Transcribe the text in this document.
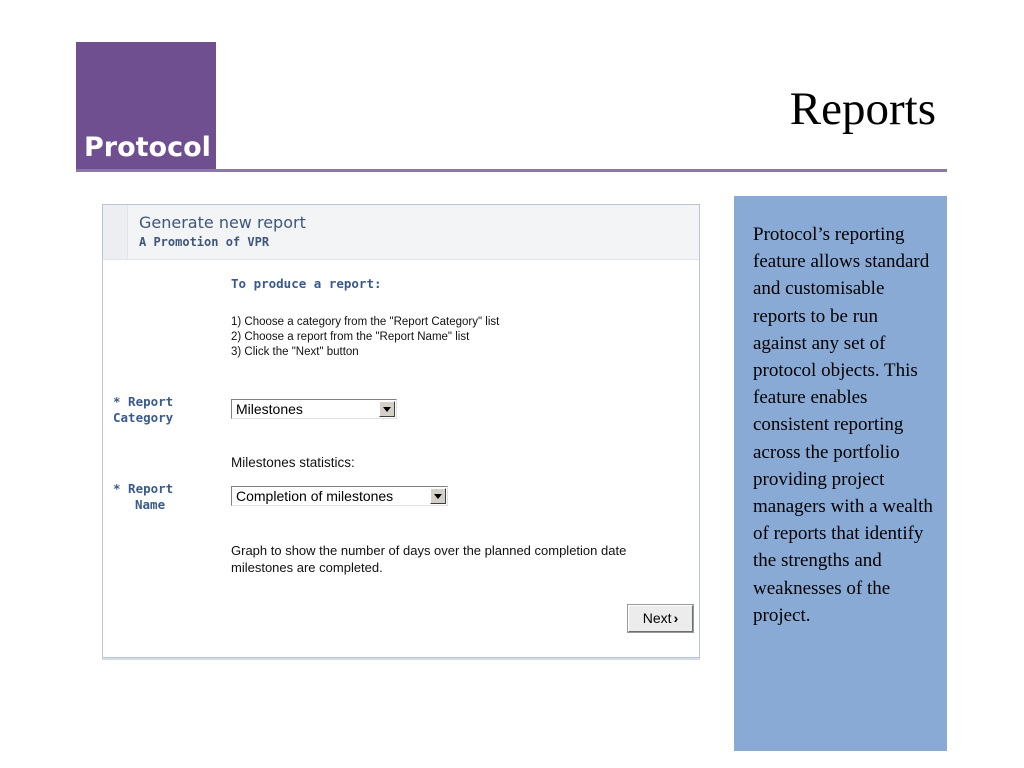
Protocol
Reports
Generate new report
A Promotion of VPR
To produce a report:
1) Choose a category from the "Report Category" list
2) Choose a report from the "Report Name" list
3) Click the "Next" button
* Report
Category
Milestones
Milestones statistics:
* Report
Name
Completion of milestones
Graph to show the number of days over the planned completion date
milestones are completed.
Next ›
Protocol’s reporting feature allows standard and customisable reports to be run against any set of protocol objects. This feature enables consistent reporting across the portfolio providing project managers with a wealth of reports that identify the strengths and weaknesses of the project.
